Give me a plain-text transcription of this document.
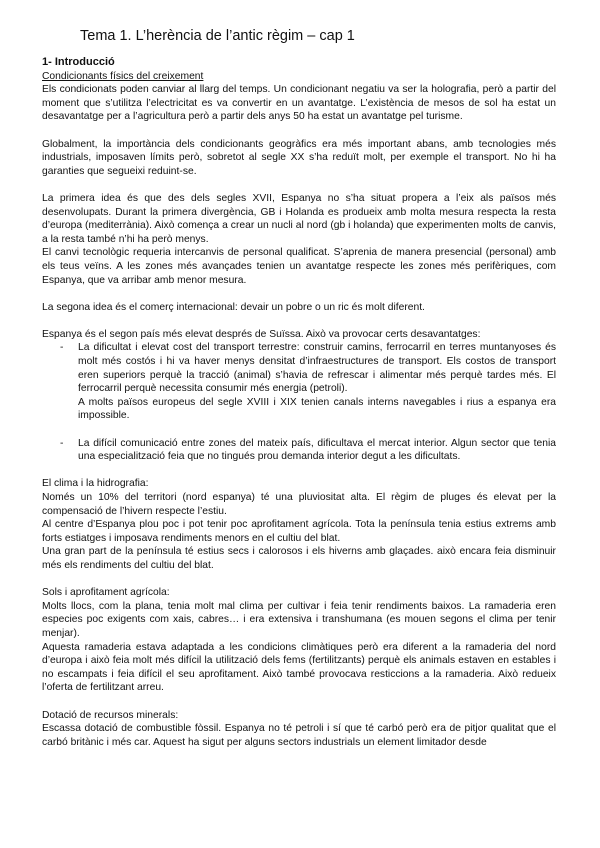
Tema 1. L’herència de l’antic règim – cap 1

1- Introducció

Condicionants físics del creixement

Els condicionats poden canviar al llarg del temps. Un condicionant negatiu va ser la holografia, però a partir del moment que s’utilitza l’electricitat es va convertir en un avantatge. L’existència de mesos de sol ha estat un desavantatge per a l’agricultura però a partir dels anys 50 ha estat un avantatge pel turisme.

Globalment, la importància dels condicionants geogràfics era més important abans, amb tecnologies més industrials, imposaven límits però, sobretot al segle XX s’ha reduït molt, per exemple el transport. No hi ha garanties que segueixi reduint-se.

La primera idea és que des dels segles XVII, Espanya no s’ha situat propera a l’eix als països més desenvolupats. Durant la primera divergència, GB i Holanda es produeix amb molta mesura respecta la resta d’europa (mediterrània). Això comença a crear un nucli al nord (gb i holanda) que experimenten molts de canvis, a la resta també n’hi ha però menys.

El canvi tecnològic requeria intercanvis de personal qualificat. S’aprenia de manera presencial (personal) amb els teus veïns. A les zones més avançades tenien un avantatge respecte les zones més perifèriques, com Espanya, que va arribar amb menor mesura.

La segona idea és el comerç internacional: devair un pobre o un ric és molt diferent.

Espanya és el segon país més elevat després de Suïssa. Això va provocar certs desavantatges:

- La dificultat i elevat cost del transport terrestre: construir camins, ferrocarril en terres muntanyoses és molt més costós i hi va haver menys densitat d’infraestructures de transport. Els costos de transport eren superiors perquè la tracció (animal) s’havia de refrescar i alimentar més perquè tardes més. El ferrocarril perquè necessita consumir més energia (petroli).
A molts països europeus del segle XVIII i XIX tenien canals interns navegables i rius a espanya era impossible.
- La difícil comunicació entre zones del mateix país, dificultava el mercat interior. Algun sector que tenia una especialització feia que no tingués prou demanda interior degut a les dificultats.

El clima i la hidrografia:

Només un 10% del territori (nord espanya) té una pluviositat alta. El règim de pluges és elevat per la compensació de l’hivern respecte l’estiu.

Al centre d’Espanya plou poc i pot tenir poc aprofitament agrícola. Tota la península tenia estius extrems amb forts estiatges i imposava rendiments menors en el cultiu del blat.

Una gran part de la península té estius secs i calorosos i els hiverns amb glaçades. això encara feia disminuir més els rendiments del cultiu del blat.

Sols i aprofitament agrícola:

Molts llocs, com la plana, tenia molt mal clima per cultivar i feia tenir rendiments baixos. La ramaderia eren especies poc exigents com xais, cabres… i era extensiva i transhumana (es mouen segons el clima per tenir menjar).

Aquesta ramaderia estava adaptada a les condicions climàtiques però era diferent a la ramaderia del nord d’europa i això feia molt més difícil la utilització dels fems (fertilitzants) perquè els animals estaven en estables i no escampats i feia difícil el seu aprofitament. Això també provocava resticcions a la ramaderia. Això redueix l’oferta de fertilitzant arreu.

Dotació de recursos minerals:

Escassa dotació de combustible fòssil. Espanya no té petroli i sí que té carbó però era de pitjor qualitat que el carbó britànic i més car. Aquest ha sigut per alguns sectors industrials un element limitador desde
